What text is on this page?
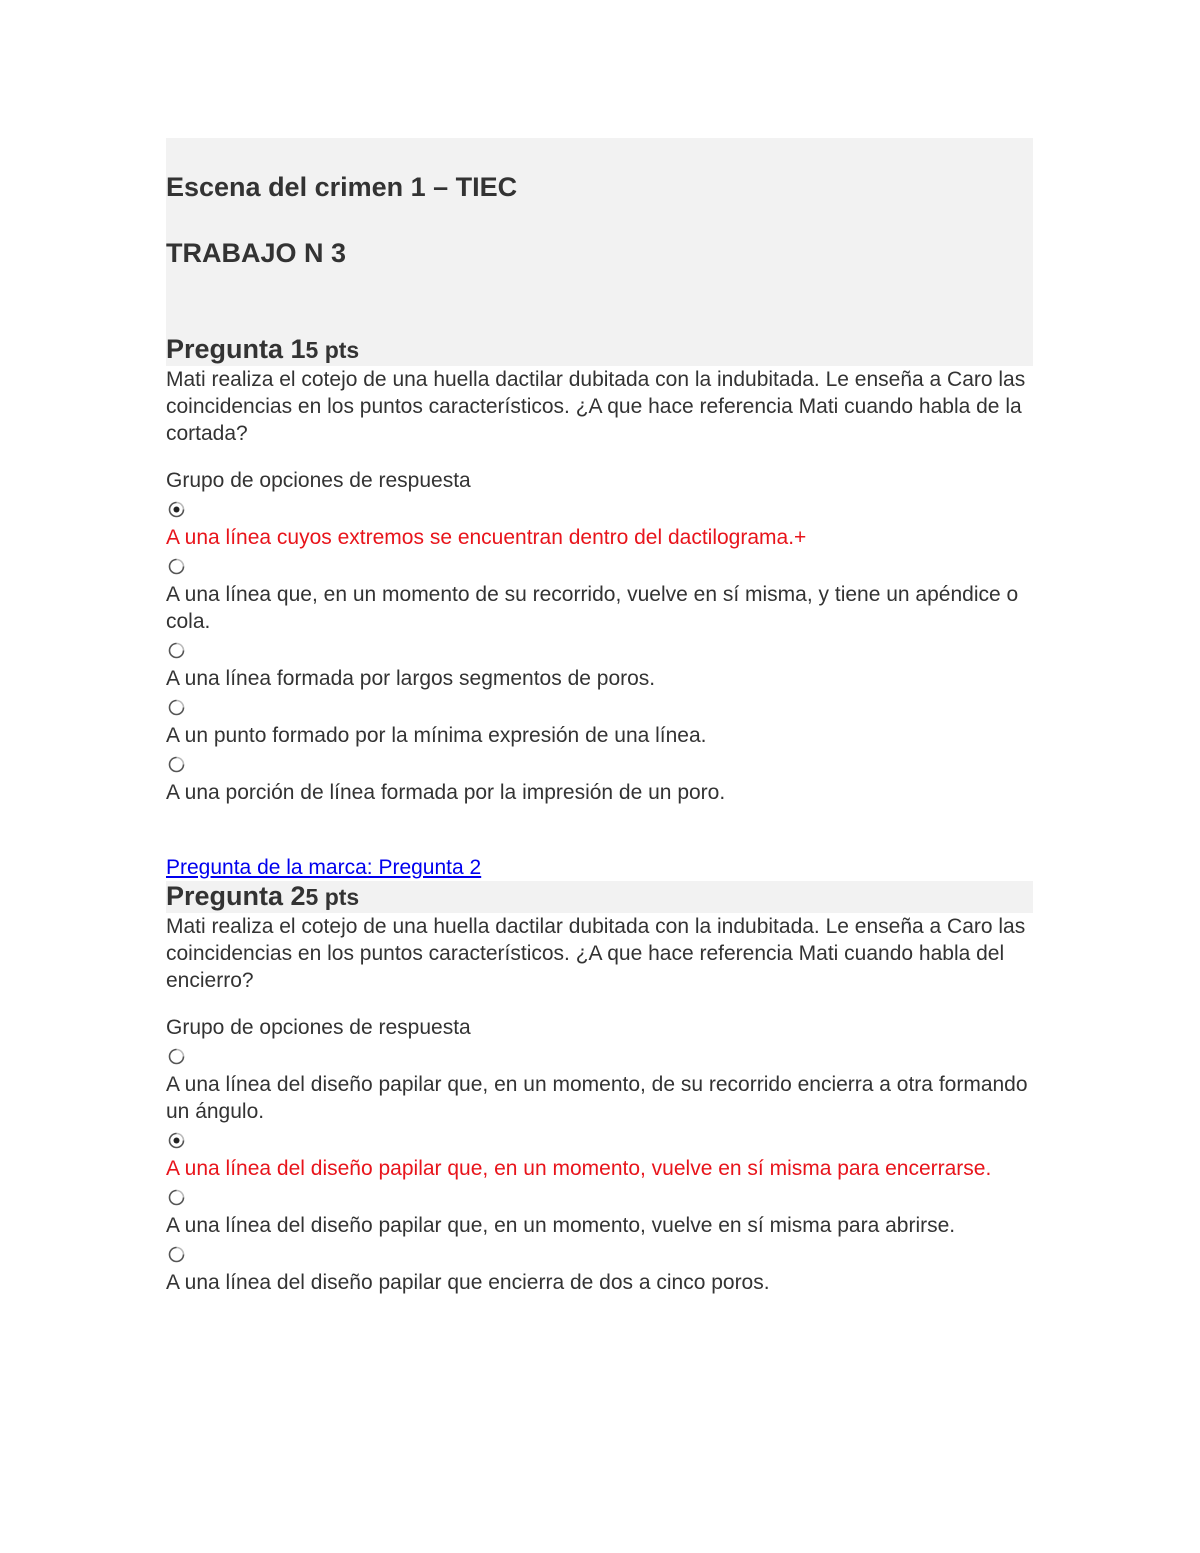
Escena del crimen 1 – TIEC
TRABAJO N 3
Pregunta 15 pts

Mati realiza el cotejo de una huella dactilar dubitada con la indubitada. Le enseña a Caro las coincidencias en los puntos característicos. ¿A que hace referencia Mati cuando habla de la cortada?

Grupo de opciones de respuesta

A una línea cuyos extremos se encuentran dentro del dactilograma.+

A una línea que, en un momento de su recorrido, vuelve en sí misma, y tiene un apéndice o cola.

A una línea formada por largos segmentos de poros.

A un punto formado por la mínima expresión de una línea.

A una porción de línea formada por la impresión de un poro.

Pregunta de la marca: Pregunta 2
Pregunta 25 pts

Mati realiza el cotejo de una huella dactilar dubitada con la indubitada. Le enseña a Caro las coincidencias en los puntos característicos. ¿A que hace referencia Mati cuando habla del encierro?

Grupo de opciones de respuesta

A una línea del diseño papilar que, en un momento, de su recorrido encierra a otra formando un ángulo.

A una línea del diseño papilar que, en un momento, vuelve en sí misma para encerrarse.

A una línea del diseño papilar que, en un momento, vuelve en sí misma para abrirse.

A una línea del diseño papilar que encierra de dos a cinco poros.
